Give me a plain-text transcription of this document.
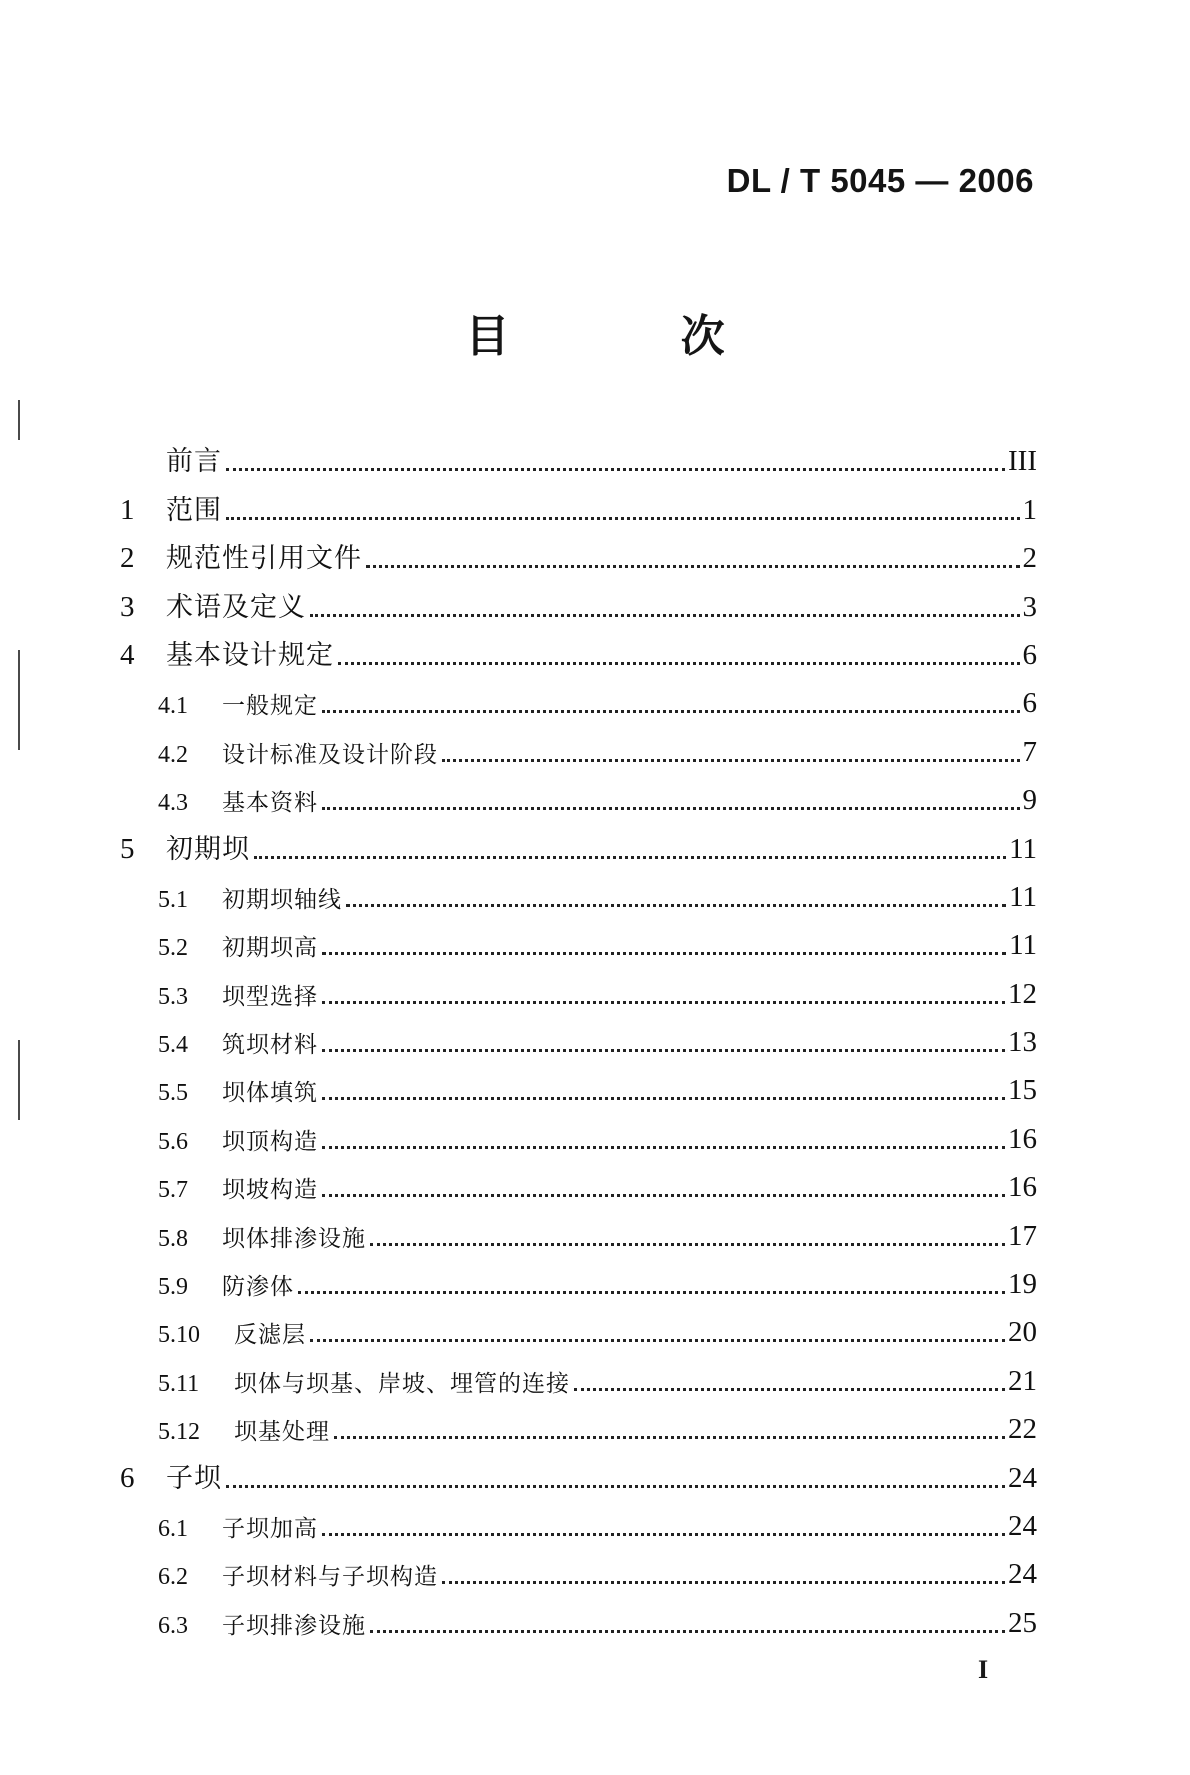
DL / T 5045 — 2006
目 次
前言	III
1	范围	1
2	规范性引用文件	2
3	术语及定义	3
4	基本设计规定	6
4.1	一般规定	6
4.2	设计标准及设计阶段	7
4.3	基本资料	9
5	初期坝	11
5.1	初期坝轴线	11
5.2	初期坝高	11
5.3	坝型选择	12
5.4	筑坝材料	13
5.5	坝体填筑	15
5.6	坝顶构造	16
5.7	坝坡构造	16
5.8	坝体排渗设施	17
5.9	防渗体	19
5.10	反滤层	20
5.11	坝体与坝基、岸坡、埋管的连接	21
5.12	坝基处理	22
6	子坝	24
6.1	子坝加高	24
6.2	子坝材料与子坝构造	24
6.3	子坝排渗设施	25
I
